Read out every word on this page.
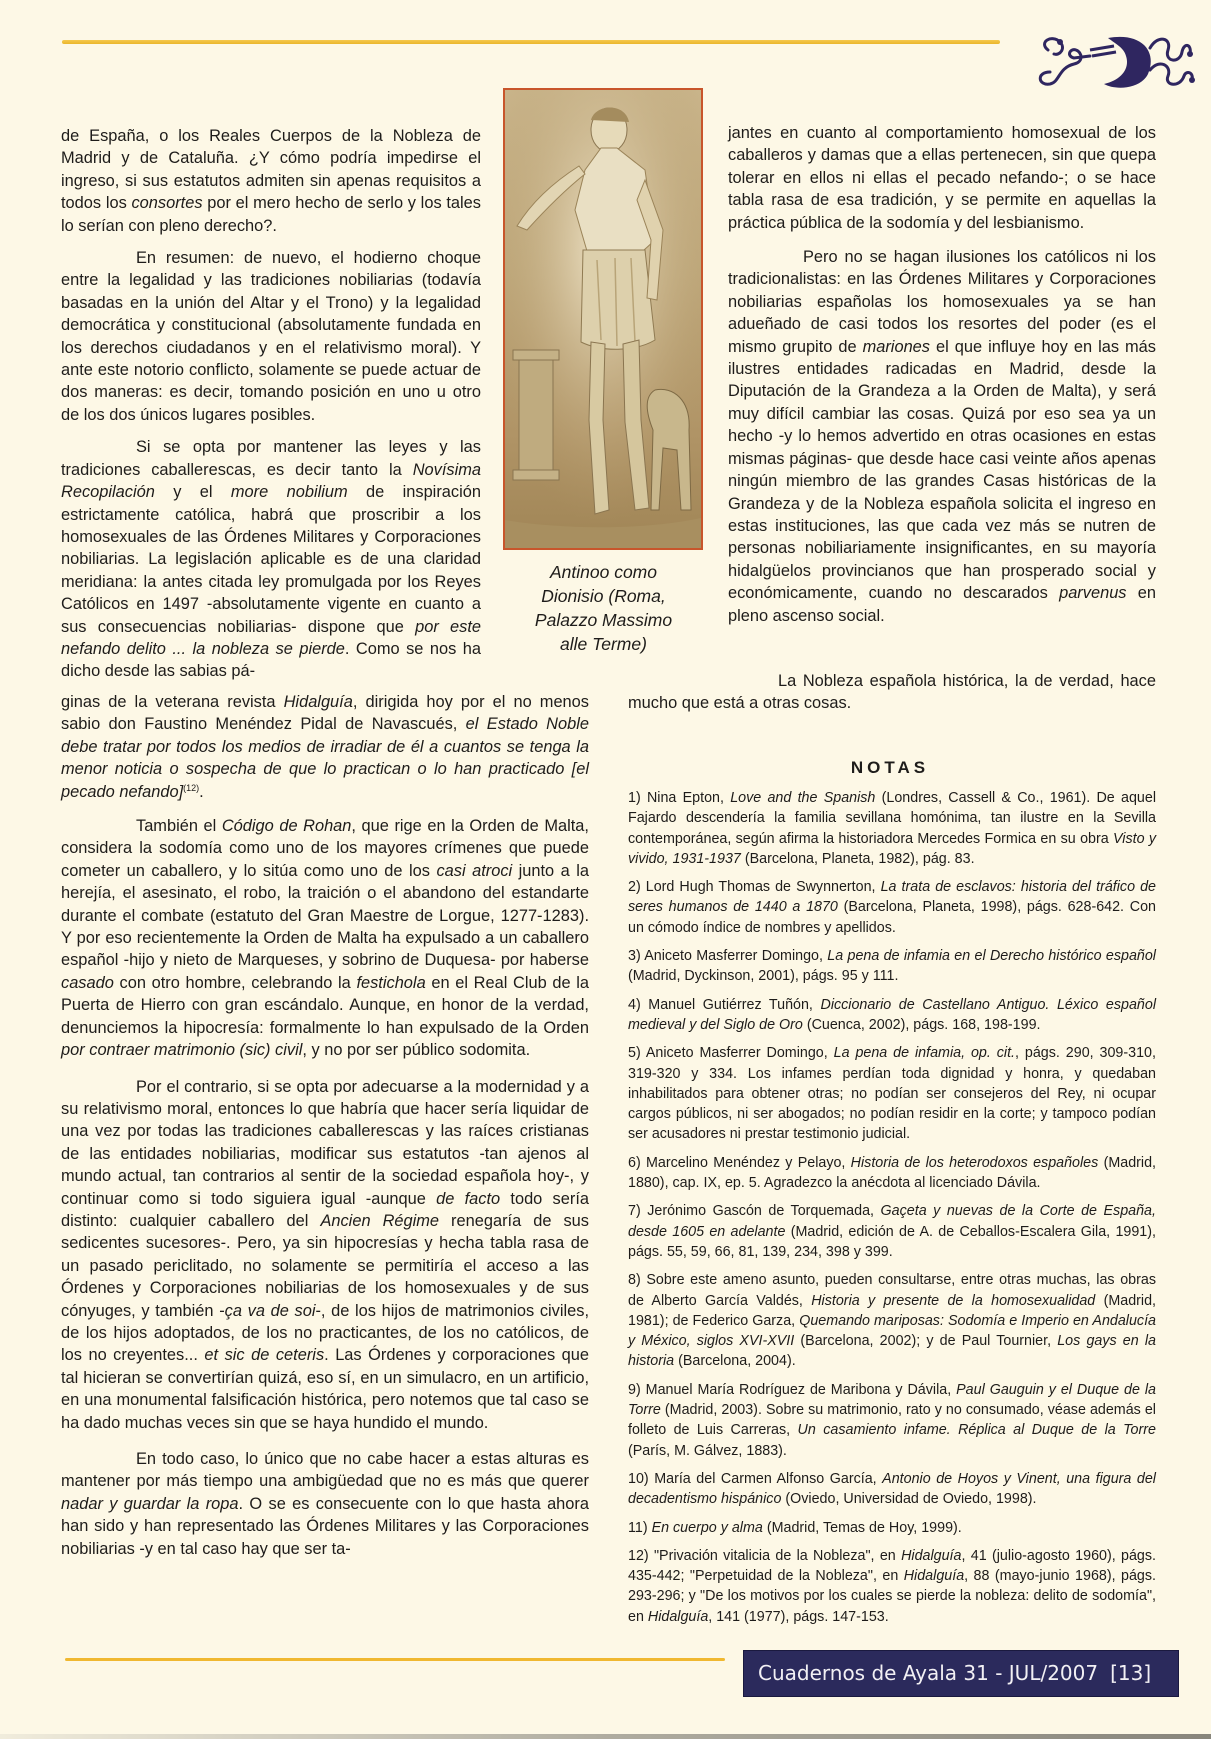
de España, o los Reales Cuerpos de la Nobleza de Madrid y de Cataluña. ¿Y cómo podría impedirse el ingreso, si sus estatutos admiten sin apenas requisitos a todos los consortes por el mero hecho de serlo y los tales lo serían con pleno derecho?.

En resumen: de nuevo, el hodierno choque entre la legalidad y las tradiciones nobiliarias (todavía basadas en la unión del Altar y el Trono) y la legalidad democrática y constitucional (absolutamente fundada en los derechos ciudadanos y en el relativismo moral). Y ante este notorio conflicto, solamente se puede actuar de dos maneras: es decir, tomando posición en uno u otro de los dos únicos lugares posibles.

Si se opta por mantener las leyes y las tradiciones caballerescas, es decir tanto la Novísima Recopilación y el more nobilium de inspiración estrictamente católica, habrá que proscribir a los homosexuales de las Órdenes Militares y Corporaciones nobiliarias. La legislación aplicable es de una claridad meridiana: la antes citada ley promulgada por los Reyes Católicos en 1497 -absolutamente vigente en cuanto a sus consecuencias nobiliarias- dispone que por este nefando delito ... la nobleza se pierde. Como se nos ha dicho desde las sabias pá-

Antinoo como
Dionisio (Roma,
Palazzo Massimo
alle Terme)

ginas de la veterana revista Hidalguía, dirigida hoy por el no menos sabio don Faustino Menéndez Pidal de Navascués, el Estado Noble debe tratar por todos los medios de irradiar de él a cuantos se tenga la menor noticia o sospecha de que lo practican o lo han practicado [el pecado nefando]$^{(12)}$.

También el Código de Rohan, que rige en la Orden de Malta, considera la sodomía como uno de los mayores crímenes que puede cometer un caballero, y lo sitúa como uno de los casi atroci junto a la herejía, el asesinato, el robo, la traición o el abandono del estandarte durante el combate (estatuto del Gran Maestre de Lorgue, 1277-1283). Y por eso recientemente la Orden de Malta ha expulsado a un caballero español -hijo y nieto de Marqueses, y sobrino de Duquesa- por haberse casado con otro hombre, celebrando la festichola en el Real Club de la Puerta de Hierro con gran escándalo. Aunque, en honor de la verdad, denunciemos la hipocresía: formalmente lo han expulsado de la Orden por contraer matrimonio (sic) civil, y no por ser público sodomita.

Por el contrario, si se opta por adecuarse a la modernidad y a su relativismo moral, entonces lo que habría que hacer sería liquidar de una vez por todas las tradiciones caballerescas y las raíces cristianas de las entidades nobiliarias, modificar sus estatutos -tan ajenos al mundo actual, tan contrarios al sentir de la sociedad española hoy-, y continuar como si todo siguiera igual -aunque de facto todo sería distinto: cualquier caballero del Ancien Régime renegaría de sus sedicentes sucesores-. Pero, ya sin hipocresías y hecha tabla rasa de un pasado periclitado, no solamente se permitiría el acceso a las Órdenes y Corporaciones nobiliarias de los homosexuales y de sus cónyuges, y también -ça va de soi-, de los hijos de matrimonios civiles, de los hijos adoptados, de los no practicantes, de los no católicos, de los no creyentes... et sic de ceteris. Las Órdenes y corporaciones que tal hicieran se convertirían quizá, eso sí, en un simulacro, en un artificio, en una monumental falsificación histórica, pero notemos que tal caso se ha dado muchas veces sin que se haya hundido el mundo.

En todo caso, lo único que no cabe hacer a estas alturas es mantener por más tiempo una ambigüedad que no es más que querer nadar y guardar la ropa. O se es consecuente con lo que hasta ahora han sido y han representado las Órdenes Militares y las Corporaciones nobiliarias -y en tal caso hay que ser ta-

jantes en cuanto al comportamiento homosexual de los caballeros y damas que a ellas pertenecen, sin que quepa tolerar en ellos ni ellas el pecado nefando-; o se hace tabla rasa de esa tradición, y se permite en aquellas la práctica pública de la sodomía y del lesbianismo.

Pero no se hagan ilusiones los católicos ni los tradicionalistas: en las Órdenes Militares y Corporaciones nobiliarias españolas los homosexuales ya se han adueñado de casi todos los resortes del poder (es el mismo grupito de mariones el que influye hoy en las más ilustres entidades radicadas en Madrid, desde la Diputación de la Grandeza a la Orden de Malta), y será muy difícil cambiar las cosas. Quizá por eso sea ya un hecho -y lo hemos advertido en otras ocasiones en estas mismas páginas- que desde hace casi veinte años apenas ningún miembro de las grandes Casas históricas de la Grandeza y de la Nobleza española solicita el ingreso en estas instituciones, las que cada vez más se nutren de personas nobiliariamente insignificantes, en su mayoría hidalgüelos provincianos que han prosperado social y económicamente, cuando no descarados parvenus en pleno ascenso social.

La Nobleza española histórica, la de verdad, hace mucho que está a otras cosas.

NOTAS

1) Nina Epton, Love and the Spanish (Londres, Cassell & Co., 1961). De aquel Fajardo descendería la familia sevillana homónima, tan ilustre en la Sevilla contemporánea, según afirma la historiadora Mercedes Formica en su obra Visto y vivido, 1931-1937 (Barcelona, Planeta, 1982), pág. 83.

2) Lord Hugh Thomas de Swynnerton, La trata de esclavos: historia del tráfico de seres humanos de 1440 a 1870 (Barcelona, Planeta, 1998), págs. 628-642. Con un cómodo índice de nombres y apellidos.

3) Aniceto Masferrer Domingo, La pena de infamia en el Derecho histórico español (Madrid, Dyckinson, 2001), págs. 95 y 111.

4) Manuel Gutiérrez Tuñón, Diccionario de Castellano Antiguo. Léxico español medieval y del Siglo de Oro (Cuenca, 2002), págs. 168, 198-199.

5) Aniceto Masferrer Domingo, La pena de infamia, op. cit., págs. 290, 309-310, 319-320 y 334. Los infames perdían toda dignidad y honra, y quedaban inhabilitados para obtener otras; no podían ser consejeros del Rey, ni ocupar cargos públicos, ni ser abogados; no podían residir en la corte; y tampoco podían ser acusadores ni prestar testimonio judicial.

6) Marcelino Menéndez y Pelayo, Historia de los heterodoxos españoles (Madrid, 1880), cap. IX, ep. 5. Agradezco la anécdota al licenciado Dávila.

7) Jerónimo Gascón de Torquemada, Gaçeta y nuevas de la Corte de España, desde 1605 en adelante (Madrid, edición de A. de Ceballos-Escalera Gila, 1991), págs. 55, 59, 66, 81, 139, 234, 398 y 399.

8) Sobre este ameno asunto, pueden consultarse, entre otras muchas, las obras de Alberto García Valdés, Historia y presente de la homosexualidad (Madrid, 1981); de Federico Garza, Quemando mariposas: Sodomía e Imperio en Andalucía y México, siglos XVI-XVII (Barcelona, 2002); y de Paul Tournier, Los gays en la historia (Barcelona, 2004).

9) Manuel María Rodríguez de Maribona y Dávila, Paul Gauguin y el Duque de la Torre (Madrid, 2003). Sobre su matrimonio, rato y no consumado, véase además el folleto de Luis Carreras, Un casamiento infame. Réplica al Duque de la Torre (París, M. Gálvez, 1883).

10) María del Carmen Alfonso García, Antonio de Hoyos y Vinent, una figura del decadentismo hispánico (Oviedo, Universidad de Oviedo, 1998).

11) En cuerpo y alma (Madrid, Temas de Hoy, 1999).

12) "Privación vitalicia de la Nobleza", en Hidalguía, 41 (julio-agosto 1960), págs. 435-442; "Perpetuidad de la Nobleza", en Hidalguía, 88 (mayo-junio 1968), págs. 293-296; y "De los motivos por los cuales se pierde la nobleza: delito de sodomía", en Hidalguía, 141 (1977), págs. 147-153.

Cuadernos de Ayala 31 - JUL/2007 [13]
